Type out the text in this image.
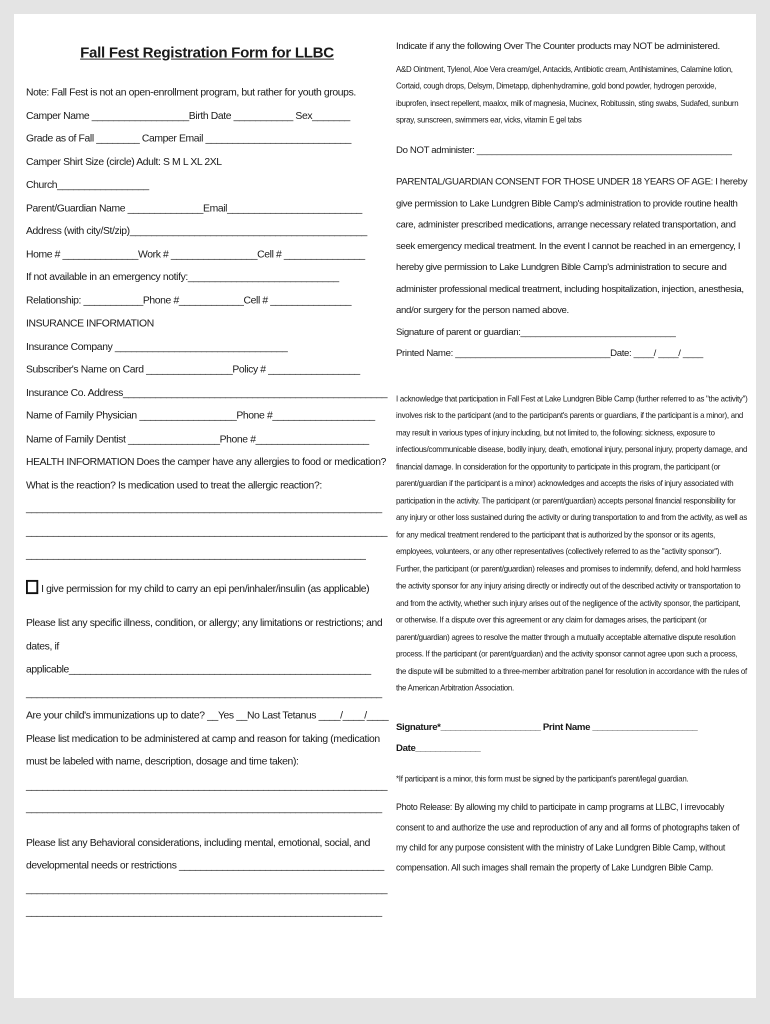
Fall Fest Registration Form for LLBC
Note: Fall Fest is not an open-enrollment program, but rather for youth groups.
Camper Name __________________Birth Date ___________ Sex_______
Grade as of Fall ________ Camper Email ___________________________
Camper Shirt Size (circle) Adult: S M L XL 2XL
Church_________________
Parent/Guardian Name ______________Email_________________________
Address (with city/St/zip)____________________________________________
Home # ______________Work # ________________Cell # _______________
If not available in an emergency notify:____________________________
Relationship: ___________Phone #____________Cell # _______________
INSURANCE INFORMATION
Insurance Company ________________________________
Subscriber's Name on Card ________________Policy # _________________
Insurance Co. Address_________________________________________________
Name of Family Physician __________________Phone #___________________
Name of Family Dentist _________________Phone #_____________________
HEALTH INFORMATION Does the camper have any allergies to food or medication? What is the reaction? Is medication used to treat the allergic reaction?:
__________________________________________________________________
___________________________________________________________________
_______________________________________________________________
I give permission for my child to carry an epi pen/inhaler/insulin (as applicable)
Please list any specific illness, condition, or allergy; any limitations or restrictions; and dates, if applicable________________________________________________________
__________________________________________________________________
Are your child's immunizations up to date? __Yes __No Last Tetanus ____/____/____
Please list medication to be administered at camp and reason for taking (medication must be labeled with name, description, dosage and time taken):
___________________________________________________________________
__________________________________________________________________
Please list any Behavioral considerations, including mental, emotional, social, and developmental needs or restrictions ______________________________________
___________________________________________________________________
__________________________________________________________________
Indicate if any the following Over The Counter products may NOT be administered.
A&D Ointment, Tylenol, Aloe Vera cream/gel, Antacids, Antibiotic cream, Antihistamines, Calamine lotion, Cortaid, cough drops, Delsym, Dimetapp, diphenhydramine, gold bond powder, hydrogen peroxide, ibuprofen, insect repellent, maalox, milk of magnesia, Mucinex, Robitussin, sting swabs, Sudafed, sunburn spray, sunscreen, swimmers ear, vicks, vitamin E gel tabs
Do NOT administer: ___________________________________________________
PARENTAL/GUARDIAN CONSENT FOR THOSE UNDER 18 YEARS OF AGE: I hereby give permission to Lake Lundgren Bible Camp's administration to provide routine health care, administer prescribed medications, arrange necessary related transportation, and seek emergency medical treatment. In the event I cannot be reached in an emergency, I hereby give permission to Lake Lundgren Bible Camp's administration to secure and administer professional medical treatment, including hospitalization, injection, anesthesia, and/or surgery for the person named above.
Signature of parent or guardian:_______________________________
Printed Name: _______________________________Date: ____/ ____/ ____
I acknowledge that participation in Fall Fest at Lake Lundgren Bible Camp (further referred to as "the activity") involves risk to the participant (and to the participant's parents or guardians, if the participant is a minor), and may result in various types of injury including, but not limited to, the following: sickness, exposure to infectious/communicable disease, bodily injury, death, emotional injury, personal injury, property damage, and financial damage. In consideration for the opportunity to participate in this program, the participant (or parent/guardian if the participant is a minor) acknowledges and accepts the risks of injury associated with participation in the activity. The participant (or parent/guardian) accepts personal financial responsibility for any injury or other loss sustained during the activity or during transportation to and from the activity, as well as for any medical treatment rendered to the participant that is authorized by the sponsor or its agents, employees, volunteers, or any other representatives (collectively referred to as the "activity sponsor"). Further, the participant (or parent/guardian) releases and promises to indemnify, defend, and hold harmless the activity sponsor for any injury arising directly or indirectly out of the described activity or transportation to and from the activity, whether such injury arises out of the negligence of the activity sponsor, the participant, or otherwise. If a dispute over this agreement or any claim for damages arises, the participant (or parent/guardian) agrees to resolve the matter through a mutually acceptable alternative dispute resolution process. If the participant (or parent/guardian) and the activity sponsor cannot agree upon such a process, the dispute will be submitted to a three-member arbitration panel for resolution in accordance with the rules of the American Arbitration Association.
Signature*____________________ Print Name _____________________
Date_____________
*If participant is a minor, this form must be signed by the participant's parent/legal guardian.
Photo Release: By allowing my child to participate in camp programs at LLBC, I irrevocably consent to and authorize the use and reproduction of any and all forms of photographs taken of my child for any purpose consistent with the ministry of Lake Lundgren Bible Camp, without compensation. All such images shall remain the property of Lake Lundgren Bible Camp.
